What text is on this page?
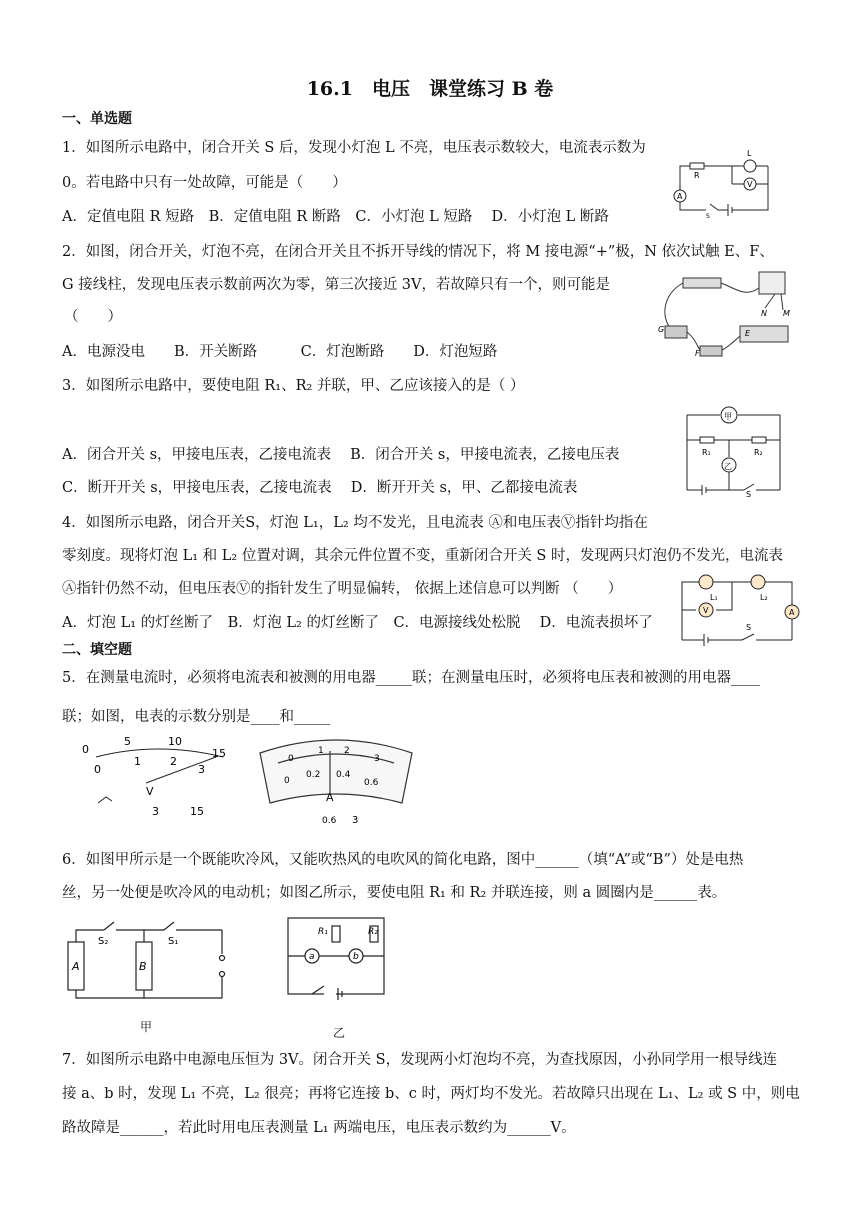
16.1　电压　课堂练习 B 卷
一、单选题
1．如图所示电路中，闭合开关 S 后，发现小灯泡 L 不亮，电压表示数较大，电流表示数为
0。若电路中只有一处故障，可能是（　　）
A．定值电阻 R 短路　B．定值电阻 R 断路　C．小灯泡 L 短路　 D．小灯泡 L 断路
A
V
L
R
S
2．如图，闭合开关，灯泡不亮，在闭合开关且不拆开导线的情况下，将 M 接电源“+”极，N 依次试触 E、F、
G 接线柱，发现电压表示数前两次为零，第三次接近 3V，若故障只有一个，则可能是
（　　）
A．电源没电　　B．开关断路　　　C．灯泡断路　　D．灯泡短路
G
F
E
N M
3．如图所示电路中，要使电阻 R₁、R₂ 并联，甲、乙应该接入的是（ ）
A．闭合开关 s，甲接电压表，乙接电流表　 B．闭合开关 s，甲接电流表，乙接电压表
C．断开开关 s，甲接电压表，乙接电流表　 D．断开开关 s，甲、乙都接电流表
甲
乙
R₁	R₂
S
4．如图所示电路，闭合开关S，灯泡 L₁，L₂ 均不发光，且电流表 Ⓐ和电压表Ⓥ指针均指在
零刻度。现将灯泡 L₁ 和 L₂ 位置对调，其余元件位置不变，重新闭合开关 S 时，发现两只灯泡仍不发光，电流表
Ⓐ指针仍然不动，但电压表Ⓥ的指针发生了明显偏转， 依据上述信息可以判断 （　　）
A．灯泡 L₁ 的灯丝断了　B．灯泡 L₂ 的灯丝断了　C．电源接线处松脱　 D．电流表损坏了
V	A
L₁	L₂
S
二、填空题
5．在测量电流时，必须将电流表和被测的用电器_____联；在测量电压时，必须将电压表和被测的用电器____
联；如图，电表的示数分别是____和_____
0
5	10
15
0
1	2
3
V
3	15
0
1 2
3
0
0.2 0.4
0.6
A
0.6 3
6．如图甲所示是一个既能吹冷风，又能吹热风的电吹风的简化电路，图中______（填“A”或“B”）处是电热
丝，另一处便是吹冷风的电动机；如图乙所示，要使电阻 R₁ 和 R₂ 并联连接，则 a 圆圈内是______表。
A	B
S₂	S₁
甲
R₁	R₂
a	b
乙
7．如图所示电路中电源电压恒为 3V。闭合开关 S，发现两小灯泡均不亮，为查找原因，小孙同学用一根导线连
接 a、b 时，发现 L₁ 不亮，L₂ 很亮；再将它连接 b、c 时，两灯均不发光。若故障只出现在 L₁、L₂ 或 S 中，则电
路故障是______，若此时用电压表测量 L₁ 两端电压，电压表示数约为______V。
